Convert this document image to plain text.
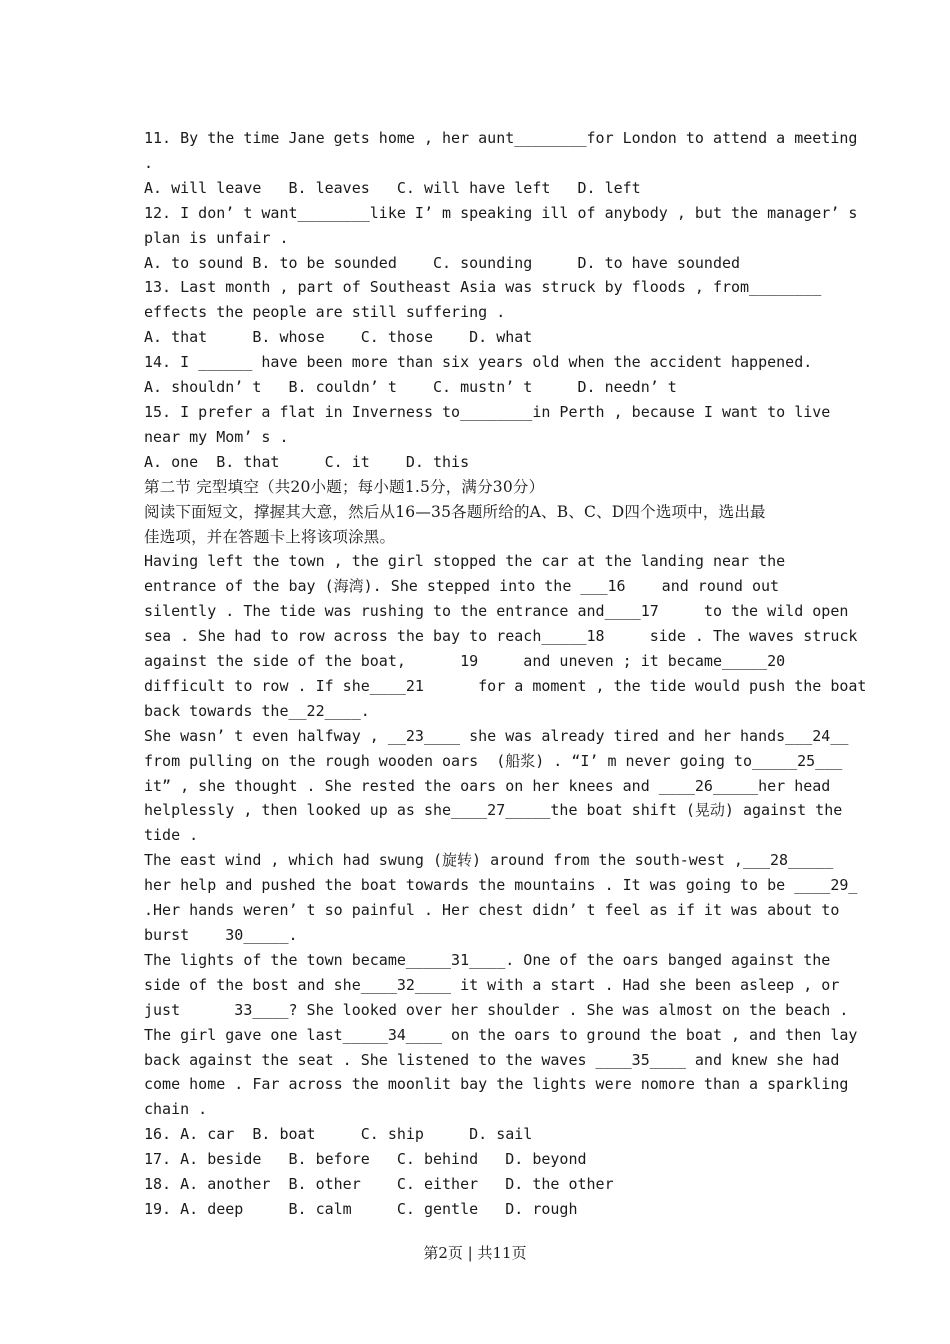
11. By the time Jane gets home , her aunt________for London to attend a meeting

.

A. will leave   B. leaves   C. will have left   D. left

12. I don’ t want________like I’ m speaking ill of anybody , but the manager’ s

plan is unfair .

A. to sound B. to be sounded    C. sounding     D. to have sounded

13. Last month , part of Southeast Asia was struck by floods , from________

effects the people are still suffering .

A. that     B. whose    C. those    D. what

14. I ______ have been more than six years old when the accident happened.

A. shouldn’ t   B. couldn’ t    C. mustn’ t     D. needn’ t

15. I prefer a flat in Inverness to________in Perth , because I want to live

near my Mom’ s .

A. one  B. that     C. it    D. this

第二节 完型填空（共20小题；每小题1.5分，满分30分）

阅读下面短文，撑握其大意，然后从16—35各题所给的A、B、C、D四个选项中，选出最

佳选项，并在答题卡上将该项涂黑。

Having left the town , the girl stopped the car at the landing near the

entrance of the bay (海湾). She stepped into the ___16    and round out

silently . The tide was rushing to the entrance and____17     to the wild open

sea . She had to row across the bay to reach_____18     side . The waves struck

against the side of the boat,      19     and uneven ; it became_____20

difficult to row . If she____21      for a moment , the tide would push the boat

back towards the__22____.

She wasn’ t even halfway , __23____ she was already tired and her hands___24__

from pulling on the rough wooden oars  (船浆) . “I’ m never going to_____25___

it” , she thought . She rested the oars on her knees and ____26_____her head

helplessly , then looked up as she____27_____the boat shift (晃动) against the

tide .

The east wind , which had swung (旋转) around from the south-west ,___28_____

her help and pushed the boat towards the mountains . It was going to be ____29_

.Her hands weren’ t so painful . Her chest didn’ t feel as if it was about to

burst    30_____.

The lights of the town became_____31____. One of the oars banged against the

side of the bost and she____32____ it with a start . Had she been asleep , or

just      33____? She looked over her shoulder . She was almost on the beach .

The girl gave one last_____34____ on the oars to ground the boat , and then lay

back against the seat . She listened to the waves ____35____ and knew she had

come home . Far across the moonlit bay the lights were nomore than a sparkling

chain .

16. A. car  B. boat     C. ship     D. sail

17. A. beside   B. before   C. behind   D. beyond

18. A. another  B. other    C. either   D. the other

19. A. deep     B. calm     C. gentle   D. rough

第2页 | 共11页
